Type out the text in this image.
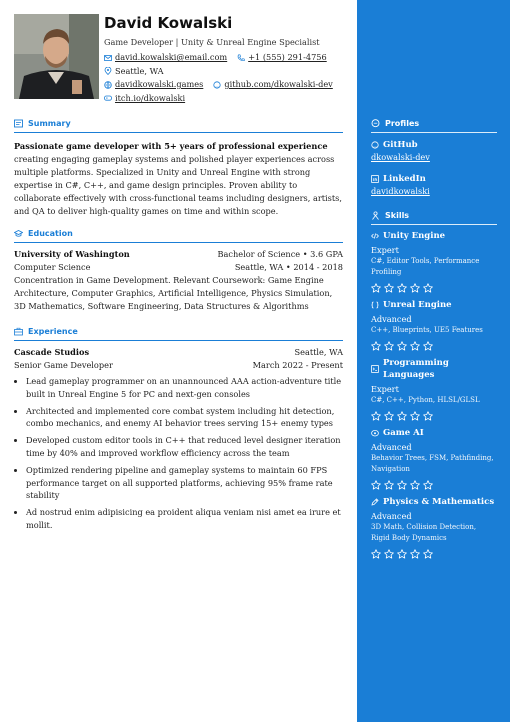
David Kowalski
Game Developer | Unity & Unreal Engine Specialist
david.kowalski@email.com	+1 (555) 291-4756
Seattle, WA
davidkowalski.games	github.com/dkowalski-dev
itch.io/dkowalski
Summary
Passionate game developer with 5+ years of professional experience creating engaging gameplay systems and polished player experiences across multiple platforms. Specialized in Unity and Unreal Engine with strong expertise in C#, C++, and game design principles. Proven ability to collaborate effectively with cross-functional teams including designers, artists, and QA to deliver high-quality games on time and within scope.
Education
University of Washington	Bachelor of Science • 3.6 GPA
Computer Science	Seattle, WA • 2014 - 2018
Concentration in Game Development. Relevant Coursework: Game Engine Architecture, Computer Graphics, Artificial Intelligence, Physics Simulation, 3D Mathematics, Software Engineering, Data Structures & Algorithms
Experience
Cascade Studios	Seattle, WA
Senior Game Developer	March 2022 - Present
• Lead gameplay programmer on an unannounced AAA action-adventure title built in Unreal Engine 5 for PC and next-gen consoles
• Architected and implemented core combat system including hit detection, combo mechanics, and enemy AI behavior trees serving 15+ enemy types
• Developed custom editor tools in C++ that reduced level designer iteration time by 40% and improved workflow efficiency across the team
• Optimized rendering pipeline and gameplay systems to maintain 60 FPS performance target on all supported platforms, achieving 95% frame rate stability
• Ad nostrud enim adipisicing ea proident aliqua veniam nisi amet ea irure et mollit.
Profiles
GitHub
dkowalski-dev
LinkedIn
davidkowalski
Skills
Unity Engine
Expert
C#, Editor Tools, Performance Profiling
Unreal Engine
Advanced
C++, Blueprints, UE5 Features
Programming Languages
Expert
C#, C++, Python, HLSL/GLSL
Game AI
Advanced
Behavior Trees, FSM, Pathfinding, Navigation
Physics & Mathematics
Advanced
3D Math, Collision Detection, Rigid Body Dynamics
